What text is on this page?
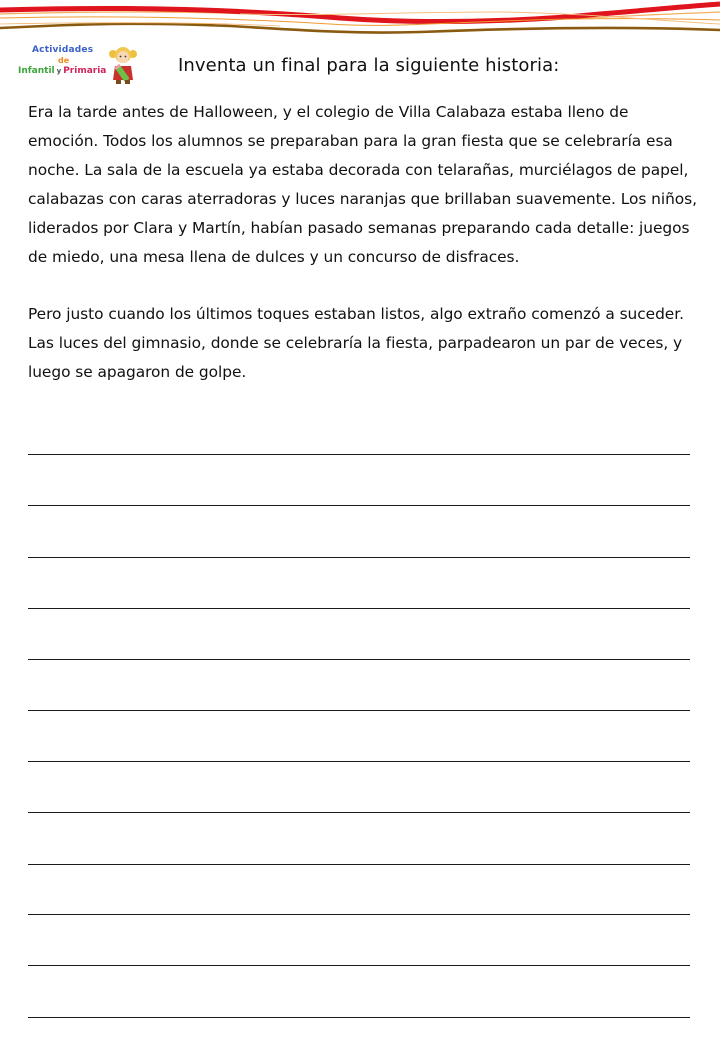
Actividades
de
Infantil y Primaria	Inventa un final para la siguiente historia:

Era la tarde antes de Halloween, y el colegio de Villa Calabaza estaba lleno de emoción. Todos los alumnos se preparaban para la gran fiesta que se celebraría esa noche. La sala de la escuela ya estaba decorada con telarañas, murciélagos de papel, calabazas con caras aterradoras y luces naranjas que brillaban suavemente. Los niños, liderados por Clara y Martín, habían pasado semanas preparando cada detalle: juegos de miedo, una mesa llena de dulces y un concurso de disfraces.

Pero justo cuando los últimos toques estaban listos, algo extraño comenzó a suceder. Las luces del gimnasio, donde se celebraría la fiesta, parpadearon un par de veces, y luego se apagaron de golpe.
